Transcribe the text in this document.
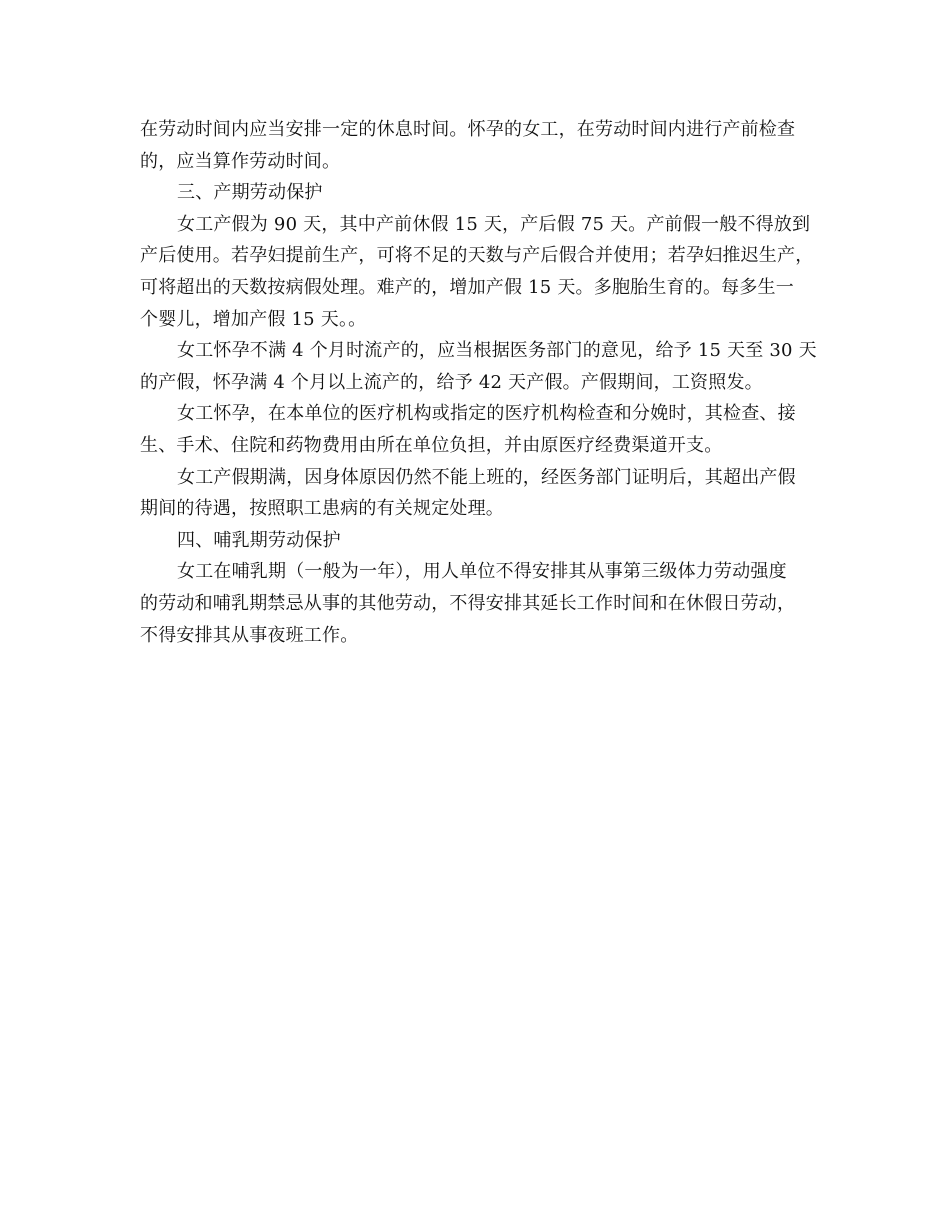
在劳动时间内应当安排一定的休息时间。怀孕的女工，在劳动时间内进行产前检查
的，应当算作劳动时间。
三、产期劳动保护
女工产假为 90 天，其中产前休假 15 天，产后假 75 天。产前假一般不得放到
产后使用。若孕妇提前生产，可将不足的天数与产后假合并使用；若孕妇推迟生产，
可将超出的天数按病假处理。难产的，增加产假 15 天。多胞胎生育的。每多生一
个婴儿，增加产假 15 天。。
女工怀孕不满 4 个月时流产的，应当根据医务部门的意见，给予 15 天至 30 天
的产假，怀孕满 4 个月以上流产的，给予 42 天产假。产假期间，工资照发。
女工怀孕，在本单位的医疗机构或指定的医疗机构检查和分娩时，其检查、接
生、手术、住院和药物费用由所在单位负担，并由原医疗经费渠道开支。
女工产假期满，因身体原因仍然不能上班的，经医务部门证明后，其超出产假
期间的待遇，按照职工患病的有关规定处理。
四、哺乳期劳动保护
女工在哺乳期（一般为一年），用人单位不得安排其从事第三级体力劳动强度
的劳动和哺乳期禁忌从事的其他劳动，不得安排其延长工作时间和在休假日劳动，
不得安排其从事夜班工作。
